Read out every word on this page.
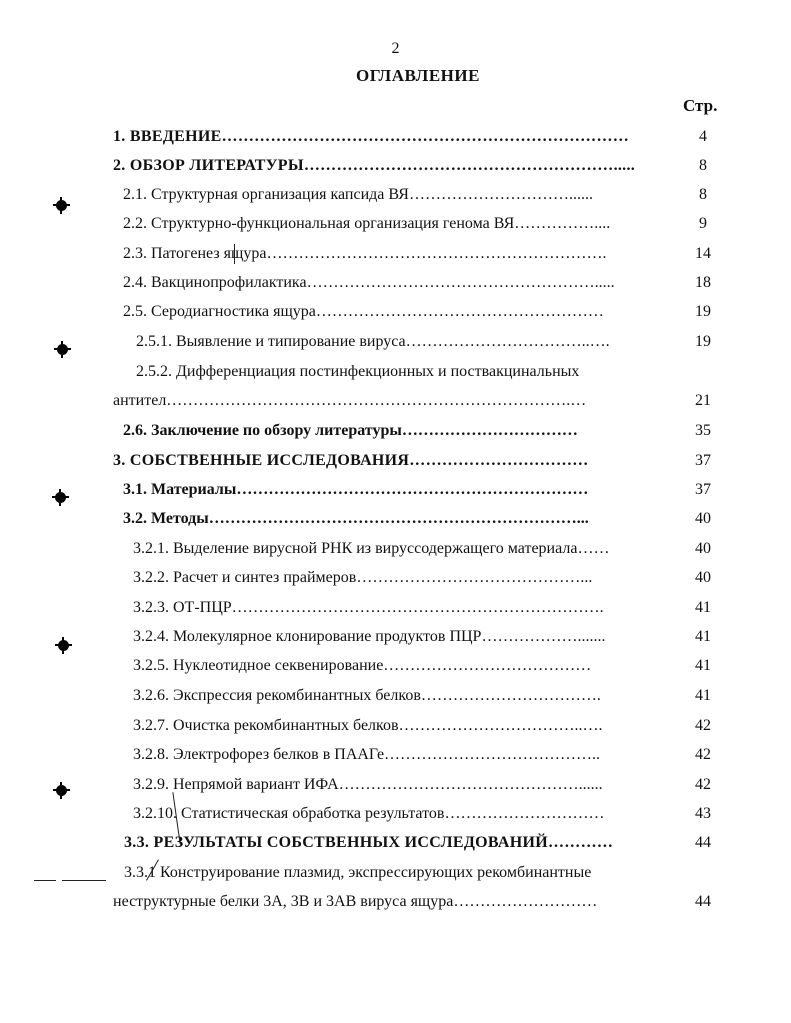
2
ОГЛАВЛЕНИЕ
Стр.
1. ВВЕДЕНИЕ…………………………………………………………………	4
2. ОБЗОР ЛИТЕРАТУРЫ………………………………………………….....	8
2.1. Структурная организация капсида ВЯ…………………………......	8
2.2. Структурно-функциональная организация генома ВЯ……………....	9
2.3. Патогенез ящура……………………………………………………….	14
2.4. Вакцинопрофилактика……………………………………………….....	18
2.5. Серодиагностика ящура………………………………………………	19
2.5.1. Выявление и типирование вируса……………………………..….	19
2.5.2. Дифференциация постинфекционных и поствакцинальных
антител………………………………………………………………….…	21
2.6. Заключение по обзору литературы……………………………	35
3. СОБСТВЕННЫЕ ИССЛЕДОВАНИЯ……………………………	37
3.1. Материалы…………………………………………………………	37
3.2. Методы……………………………………………………………...	40
3.2.1. Выделение вирусной РНК из вируссодержащего материала……	40
3.2.2. Расчет и синтез праймеров……………………………………...	40
3.2.3. ОТ-ПЦР…………………………………………………………….	41
3.2.4. Молекулярное клонирование продуктов ПЦР……………….......	41
3.2.5. Нуклеотидное секвенирование…………………………………	41
3.2.6. Экспрессия рекомбинантных белков…………………………….	41
3.2.7. Очистка рекомбинантных белков……………………………..….	42
3.2.8. Электрофорез белков в ПААГе…………………………………..	42
3.2.9. Непрямой вариант ИФА………………………………………......	42
3.2.10. Статистическая обработка результатов…………………………	43
3.3. РЕЗУЛЬТАТЫ СОБСТВЕННЫХ ИССЛЕДОВАНИЙ…………	44
3.3.1 Конструирование плазмид, экспрессирующих рекомбинантные
неструктурные белки 3А, 3В и 3АВ вируса ящура………………………	44
